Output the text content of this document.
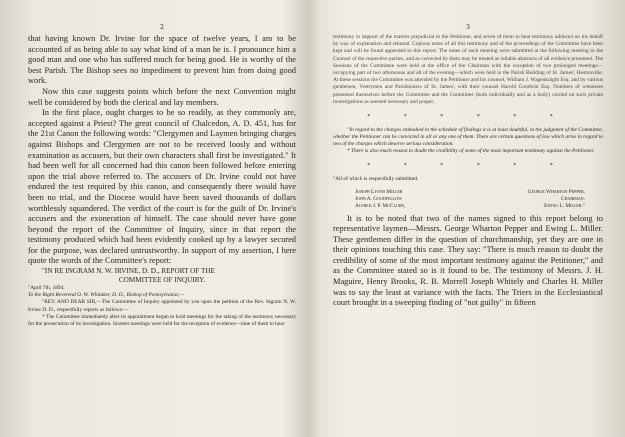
2

that having known Dr. Irvine for the space of twelve years, I am to be accounted of as being able to say what kind of a man he is. I pronounce him a good man and one who has suffered much for being good. He is worthy of the best Parish. The Bishop sees no impediment to prevent him from doing good work.

Now this case suggests points which before the next Convention might well be considered by both the clerical and lay members.

In the first place, ought charges to be so readily, as they commonly are, accepted against a Priest? The great council of Chalcedon, A. D. 451, has for the 21st Canon the following words: "Clergymen and Laymen bringing charges against Bishops and Clergymen are not to be received loosly and without examination as accusers, but their own characters shall first be investigated." It had been well for all concerned had this canon been followed before entering upon the trial above referred to. The accusers of Dr. Irvine could not have endured the test required by this canon, and consequently there would have been no trial, and the Diocese would have been saved thousands of dollars worthlessly squandered. The verdict of the court is for the guilt of Dr. Irvine's accusers and the exoneration of himself. The case should never have gone beyond the report of the Committee of Inquiry, since in that report the testimony produced which had been evidently cooked up by a lawyer secured for the purpose, was declared untrustworthy. In support of my assertion, I here quote the words of the Committee's report:

"IN RE INGRAM N. W. IRVINE, D. D., REPORT OF THE

COMMITTEE OF INQUIRY.

"April 7th, 1894.

To the Right Reverend O. W. Whitaker, D. D., Bishop of Pennsylvania;—

"REV. AND DEAR SIR,—The Committee of Inquiry appointed by you upon the petition of the Rev. Ingram N. W. Irvine D. D., respectfully reports as follows:—

* The Committee immediately after its appointment began to hold meetings for the taking of the testimony necessary for the prosecution of its investigation. Sixteen meetings were held for the reception of evidence—nine of them to hear

3

testimony in support of the matters prejudicial to the Petitioner, and seven of them to hear testimony adduced on his behalf by way of explanation and rebuttal. Copious notes of all this testimony and of the proceedings of the Committee have been kept and will be found appended to this report. The notes of each meeting were submitted at the following meeting to the Counsel of the respective parties, and as corrected by them may be treated as reliable abstracts of all evidence presented. The Sessions of the Committee were held at the office of the Chairman with the exception of two prolonged meetings—occupying part of two afternoons and all of the evening—which were held in the Parish Building of St. James', Hestonville. At these sessions the Committee was attended by the Petitioner and his counsel, William J. Wagenknight Esq. and by various gentlemen, Vestrymen and Parishioners of St. James', with their counsel Harold Goodwin Esq. Numbers of witnesses presented themselves before the Committee and the Committee (both individually and as a body) carried on such private investigations as seemed necessary and proper.

* * * * * *

"In regard to the charges embodied in the schedule of findings it is at least doubtful, in the judgment of the Committee, whether the Petitioner can be convicted in all or any one of them. There are certain questions of law which arise in regard to two of the charges which deserve serious consideration.

* There is also much reason to doubt the credibility of some of the most important testimony against the Petitioner.

* * * * * *

"All of which is respectfully submitted.

Joseph Lyons Miller
John A. Goodfellow
Alfred J. P. McClure,
George Wharton Pepper,
Chairman.
Ewing L. Miller."

It is to be noted that two of the names signed to this report belong to representative laymen—Messrs. George Wharton Pepper and Ewing L. Miller. These gentlemen differ in the question of churchmanship, yet they are one in their opinions touching this case. They say: "There is much reason to doubt the credibility of some of the most important testimony against the Petitioner," and as the Committee stated so is it found to be. The testimony of Messrs. J. H. Maguire, Henry Brooks, R. B. Morrell Joseph Whitely and Charles H. Miller was to say the least at variance with the facts. The Triers in the Ecclesiastical court brought in a sweeping finding of "not guilty" in fifteen
